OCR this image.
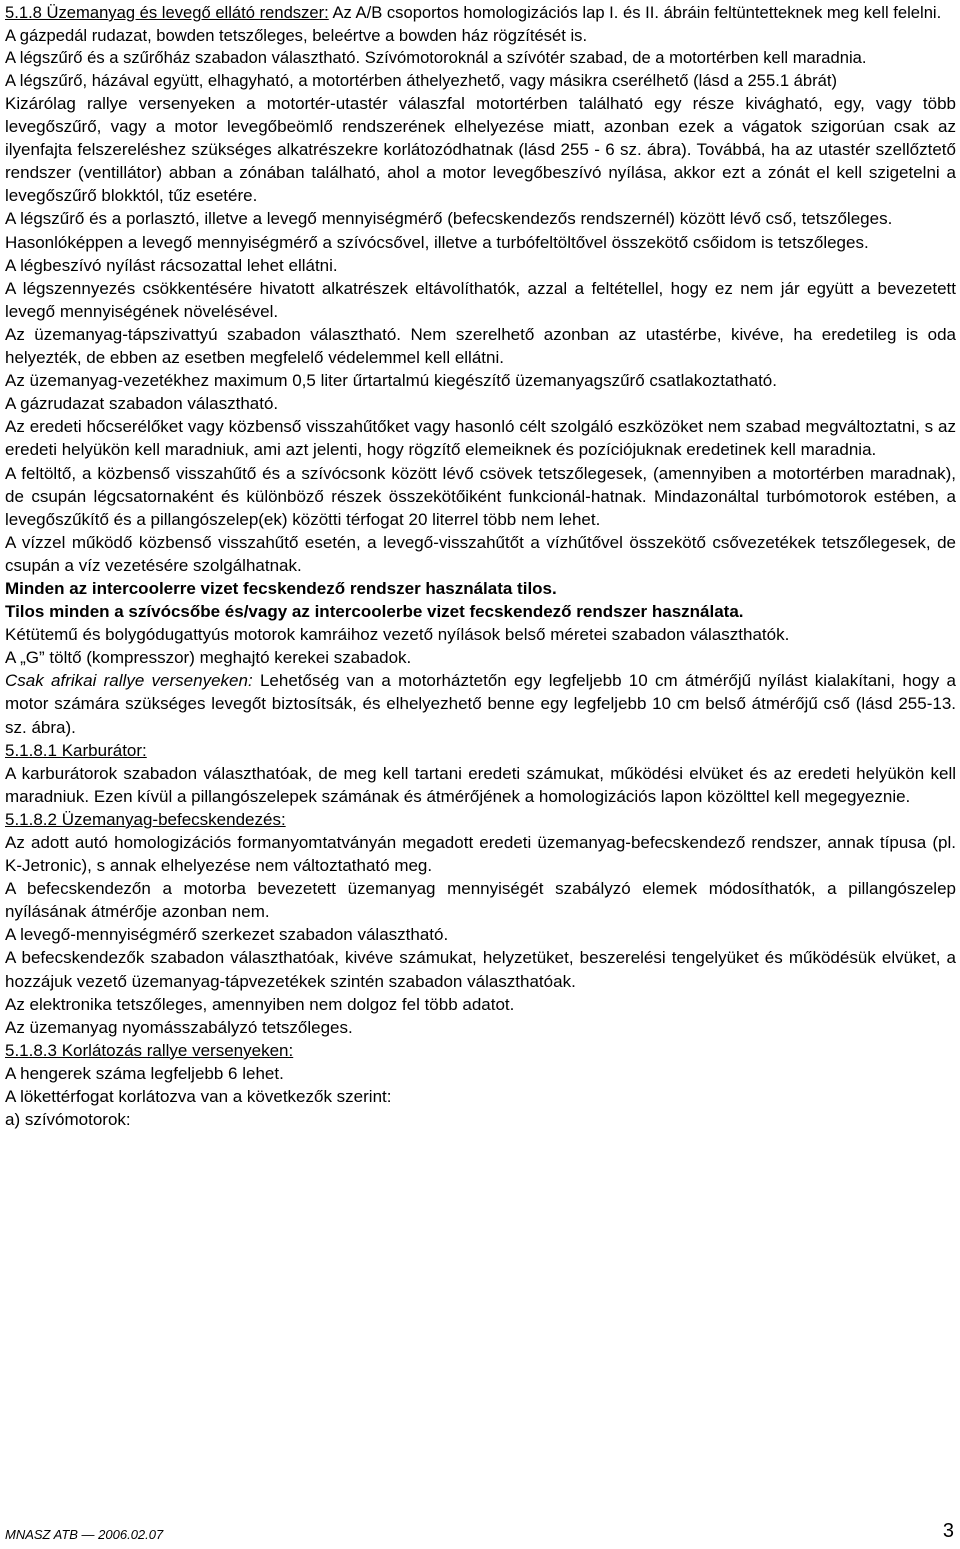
5.1.8 Üzemanyag és levegő ellátó rendszer: Az A/B csoportos homologizációs lap I. és II. ábráin feltüntetteknek meg kell felelni.

A gázpedál rudazat, bowden tetszőleges, beleértve a bowden ház rögzítését is.

A légszűrő és a szűrőház szabadon választható. Szívómotoroknál a szívótér szabad, de a motortérben kell maradnia.

A légszűrő, házával együtt, elhagyható, a motortérben áthelyezhető, vagy másikra cserélhető (lásd a 255.1 ábrát)

Kizárólag rallye versenyeken a motortér-utastér válaszfal motortérben található egy része kivágható, egy, vagy több levegőszűrő, vagy a motor levegőbeömlő rendszerének elhelyezése miatt, azonban ezek a vágatok szigorúan csak az ilyenfajta felszereléshez szükséges alkatrészekre korlátozódhatnak (lásd 255 - 6 sz. ábra). Továbbá, ha az utastér szellőztető rendszer (ventillátor) abban a zónában található, ahol a motor levegőbeszívó nyílása, akkor ezt a zónát el kell szigetelni a levegőszűrő blokktól, tűz esetére.

A légszűrő és a porlasztó, illetve a levegő mennyiségmérő (befecskendezős rendszernél) között lévő cső, tetszőleges.

Hasonlóképpen a levegő mennyiségmérő a szívócsővel, illetve a turbófeltöltővel összekötő csőidom is tetszőleges.

A légbeszívó nyílást rácsozattal lehet ellátni.

A légszennyezés csökkentésére hivatott alkatrészek eltávolíthatók, azzal a feltétellel, hogy ez nem jár együtt a bevezetett levegő mennyiségének növelésével.

Az üzemanyag-tápszivattyú szabadon választható. Nem szerelhető azonban az utastérbe, kivéve, ha eredetileg is oda helyezték, de ebben az esetben megfelelő védelemmel kell ellátni.

Az üzemanyag-vezetékhez maximum 0,5 liter űrtartalmú kiegészítő üzemanyagszűrő csatlakoztatható.

A gázrudazat szabadon választható.

Az eredeti hőcserélőket vagy közbenső visszahűtőket vagy hasonló célt szolgáló eszközöket nem szabad megváltoztatni, s az eredeti helyükön kell maradniuk, ami azt jelenti, hogy rögzítő elemeiknek és pozíciójuknak eredetinek kell maradnia.

A feltöltő, a közbenső visszahűtő és a szívócsonk között lévő csövek tetszőlegesek, (amennyiben a motortérben maradnak), de csupán légcsatornaként és különböző részek összekötőiként funkcionál-hatnak. Mindazonáltal turbómotorok estében, a levegőszűkítő és a pillangószelep(ek) közötti térfogat 20 literrel több nem lehet.

A vízzel működő közbenső visszahűtő esetén, a levegő-visszahűtőt a vízhűtővel összekötő csővezetékek tetszőlegesek, de csupán a víz vezetésére szolgálhatnak.

Minden az intercoolerre vizet fecskendező rendszer használata tilos.

Tilos minden a szívócsőbe és/vagy az intercoolerbe vizet fecskendező rendszer használata.

Kétütemű és bolygódugattyús motorok kamráihoz vezető nyílások belső méretei szabadon választhatók.

A „G” töltő (kompresszor) meghajtó kerekei szabadok.

Csak afrikai rallye versenyeken: Lehetőség van a motorháztetőn egy legfeljebb 10 cm átmérőjű nyílást kialakítani, hogy a motor számára szükséges levegőt biztosítsák, és elhelyezhető benne egy legfeljebb 10 cm belső átmérőjű cső (lásd 255-13. sz. ábra).

5.1.8.1 Karburátor:

A karburátorok szabadon választhatóak, de meg kell tartani eredeti számukat, működési elvüket és az eredeti helyükön kell maradniuk. Ezen kívül a pillangószelepek számának és átmérőjének a homologizációs lapon közölttel kell megegyeznie.

5.1.8.2 Üzemanyag-befecskendezés:

Az adott autó homologizációs formanyomtatványán megadott eredeti üzemanyag-befecskendező rendszer, annak típusa (pl. K-Jetronic), s annak elhelyezése nem változtatható meg.

A befecskendezőn a motorba bevezetett üzemanyag mennyiségét szabályzó elemek módosíthatók, a pillangószelep nyílásának átmérője azonban nem.

A levegő-mennyiségmérő szerkezet szabadon választható.

A befecskendezők szabadon választhatóak, kivéve számukat, helyzetüket, beszerelési tengelyüket és működésük elvüket, a hozzájuk vezető üzemanyag-tápvezetékek szintén szabadon választhatóak.

Az elektronika tetszőleges, amennyiben nem dolgoz fel több adatot.

Az üzemanyag nyomásszabályzó tetszőleges.

5.1.8.3 Korlátozás rallye versenyeken:

A hengerek száma legfeljebb 6 lehet.

A lökettérfogat korlátozva van a következők szerint:

a) szívómotorok:

MNASZ ATB — 2006.02.07	3
